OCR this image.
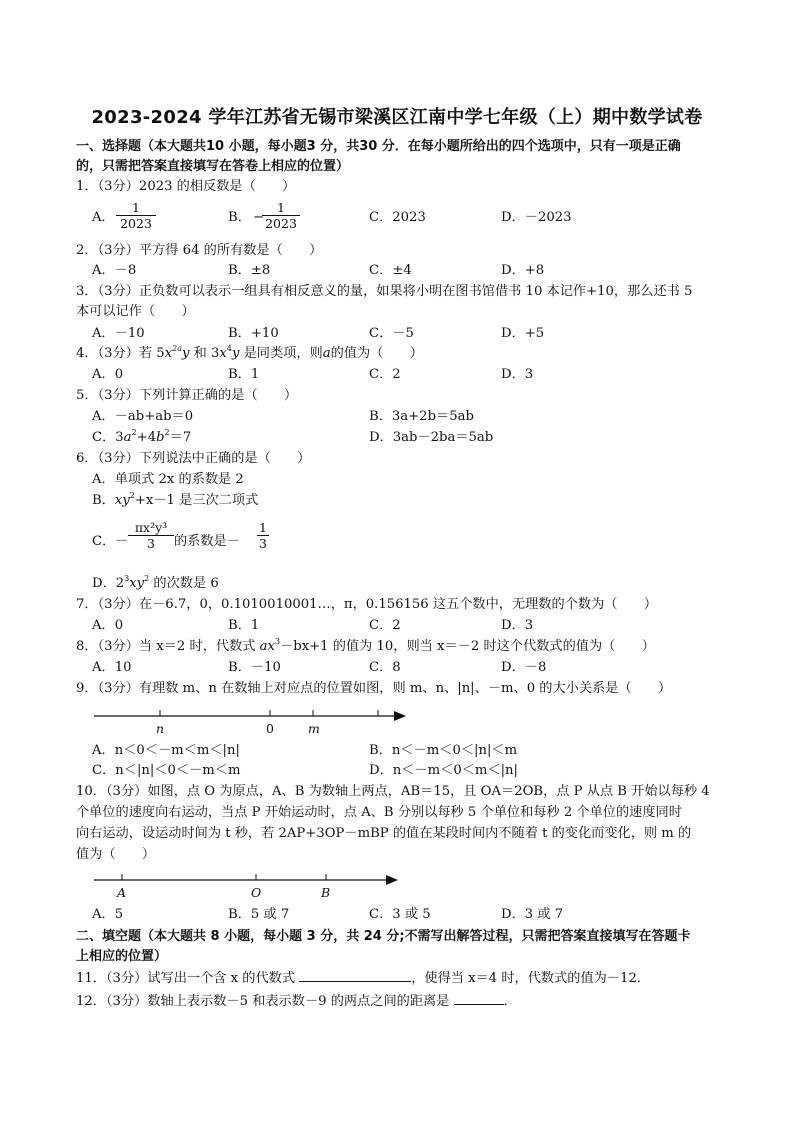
2023-2024 学年江苏省无锡市梁溪区江南中学七年级（上）期中数学试卷
一、选择题（本大题共10 小题，每小题3 分，共30 分．在每小题所给出的四个选项中，只有一项是正确
的，只需把答案直接填写在答卷上相应的位置）
1．（3分）2023 的相反数是（　　）
A． $\frac{1}{2023}$	B． −
$\frac{1}{2023}$	C．2023	D．－2023
2．（3分）平方得 64 的所有数是（　　）
A．－8	B．±8	C．±4	D．+8
3．（3分）正负数可以表示一组具有相反意义的量，如果将小明在图书馆借书 10 本记作+10，那么还书 5
本可以记作（　　）
A．－10	B．+10	C．－5	D．+5
4．（3分）若 $5x^{2a}y$ 和 $3x^4y$ 是同类项，则a的值为（　　）
A．0	B．1	C．2	D．3
5．（3分）下列计算正确的是（　　）
A．－ab+ab＝0	B．3a+2b＝5ab
C．$3a^2+4b^2=7$	D．3ab－2ba＝5ab
6．（3分）下列说法中正确的是（　　）
A．单项式 2x 的系数是 2
B．$xy^2+x-1$ 是三次二项式
C．－ $\frac{\text{πx²y³}}{3}$ 的系数是－ $\frac{1}{3}$
D．$2^3xy^2$ 的次数是 6
7．（3分）在－6.7，0，0.1010010001…，π，0.156156 这五个数中，无理数的个数为（　　）
A．0	B．1	C．2	D．3
8．（3分）当 x＝2 时，代数式 $ax^3-bx+1$ 的值为 10，则当 x＝－2 时这个代数式的值为（　　）
A．10	B．－10	C．8	D．－8
9．（3分）有理数 m、n 在数轴上对应点的位置如图，则 m、n、|n|、－m、0 的大小关系是（　　）
n	0	m
A．n＜0＜－m＜m＜|n|	B．n＜－m＜0＜|n|＜m
C．n＜|n|＜0＜－m＜m	D．n＜－m＜0＜m＜|n|
10．（3分）如图，点 O 为原点，A、B 为数轴上两点，AB＝15，且 OA＝2OB，点 P 从点 B 开始以每秒 4
个单位的速度向右运动，当点 P 开始运动时，点 A、B 分别以每秒 5 个单位和每秒 2 个单位的速度同时
向右运动，设运动时间为 t 秒，若 2AP+3OP－mBP 的值在某段时间内不随着 t 的变化而变化，则 m 的
值为（　　）
A	O	B
A．5	B．5 或 7	C．3 或 5	D．3 或 7
二、填空题（本大题共 8 小题，每小题 3 分，共 24 分;不需写出解答过程，只需把答案直接填写在答题卡
上相应的位置）
11．（3分）试写出一个含 x 的代数式	，使得当 x＝4 时，代数式的值为－12．
12．（3分）数轴上表示数－5 和表示数－9 的两点之间的距离是	．
